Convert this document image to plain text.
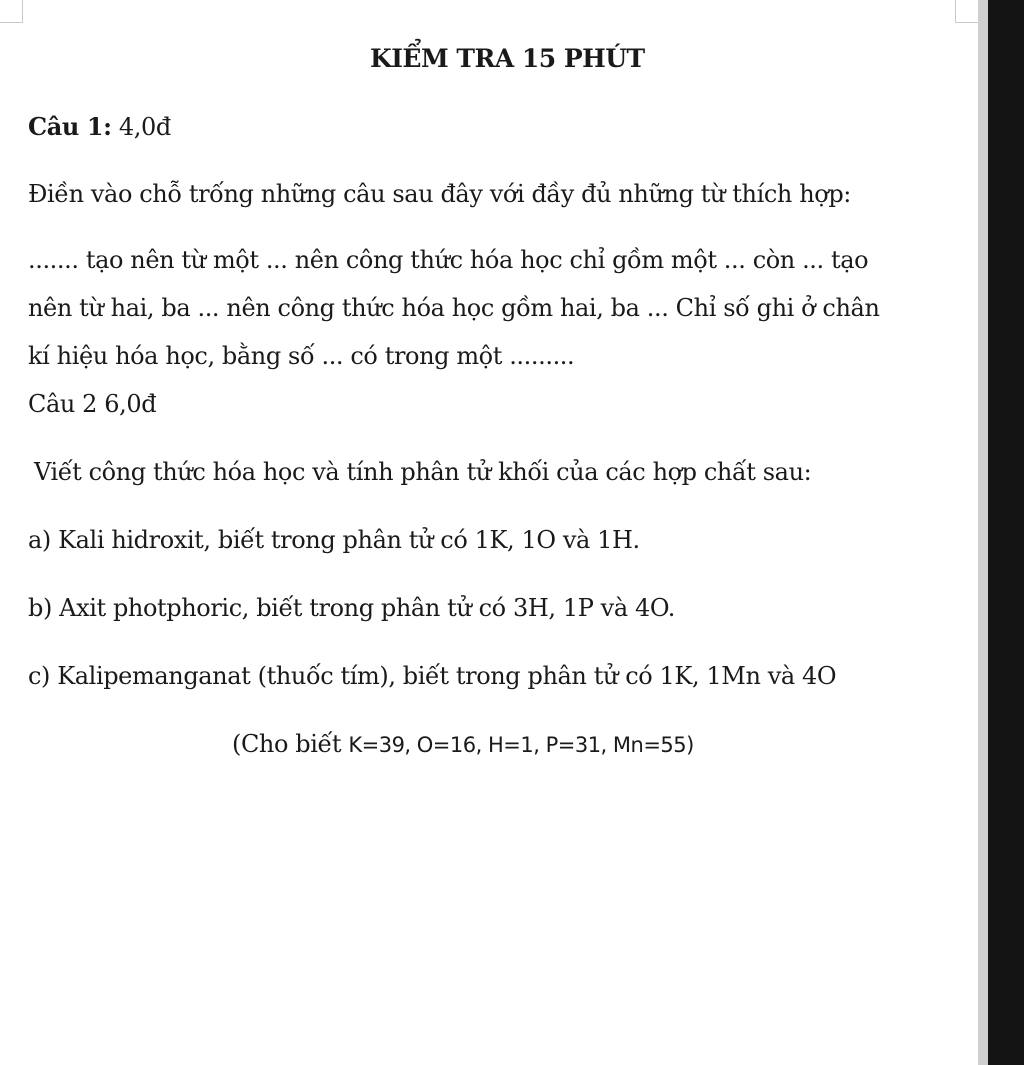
KIỂM TRA 15 PHÚT
Câu 1: 4,0đ
Điền vào chỗ trống những câu sau đây với đầy đủ những từ thích hợp:
....... tạo nên từ một ... nên công thức hóa học chỉ gồm một ... còn ... tạo
nên từ hai, ba ... nên công thức hóa học gồm hai, ba ... Chỉ số ghi ở chân
kí hiệu hóa học, bằng số ... có trong một .........
Câu 2 6,0đ
Viết công thức hóa học và tính phân tử khối của các hợp chất sau:
a) Kali hidroxit, biết trong phân tử có 1K, 1O và 1H.
b) Axit photphoric, biết trong phân tử có 3H, 1P và 4O.
c) Kalipemanganat (thuốc tím), biết trong phân tử có 1K, 1Mn và 4O
(Cho biết K=39, O=16, H=1, P=31, Mn=55)
